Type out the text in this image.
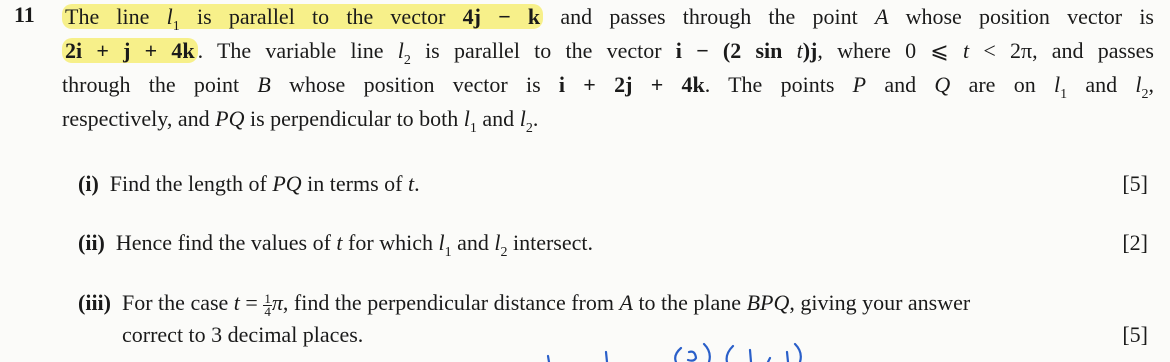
11 The line $l_1$ is parallel to the vector 4j − k and passes through the point A whose position vector is
2i + j + 4k . The variable line $l_2$ is parallel to the vector i − (2 sin t)j, where 0 ⩽ t < 2π, and passes
through the point B whose position vector is i + 2j + 4k. The points P and Q are on $l_1$ and $l_2$,
respectively, and PQ is perpendicular to both $l_1$ and $l_2$.
(i) Find the length of PQ in terms of t.	[5]
(ii) Hence find the values of t for which $l_1$ and $l_2$ intersect.	[2]
(iii) For the case $t = \frac{1}{4} \pi$, find the perpendicular distance from A to the plane BPQ, giving your answer
correct to 3 decimal places.	[5]
